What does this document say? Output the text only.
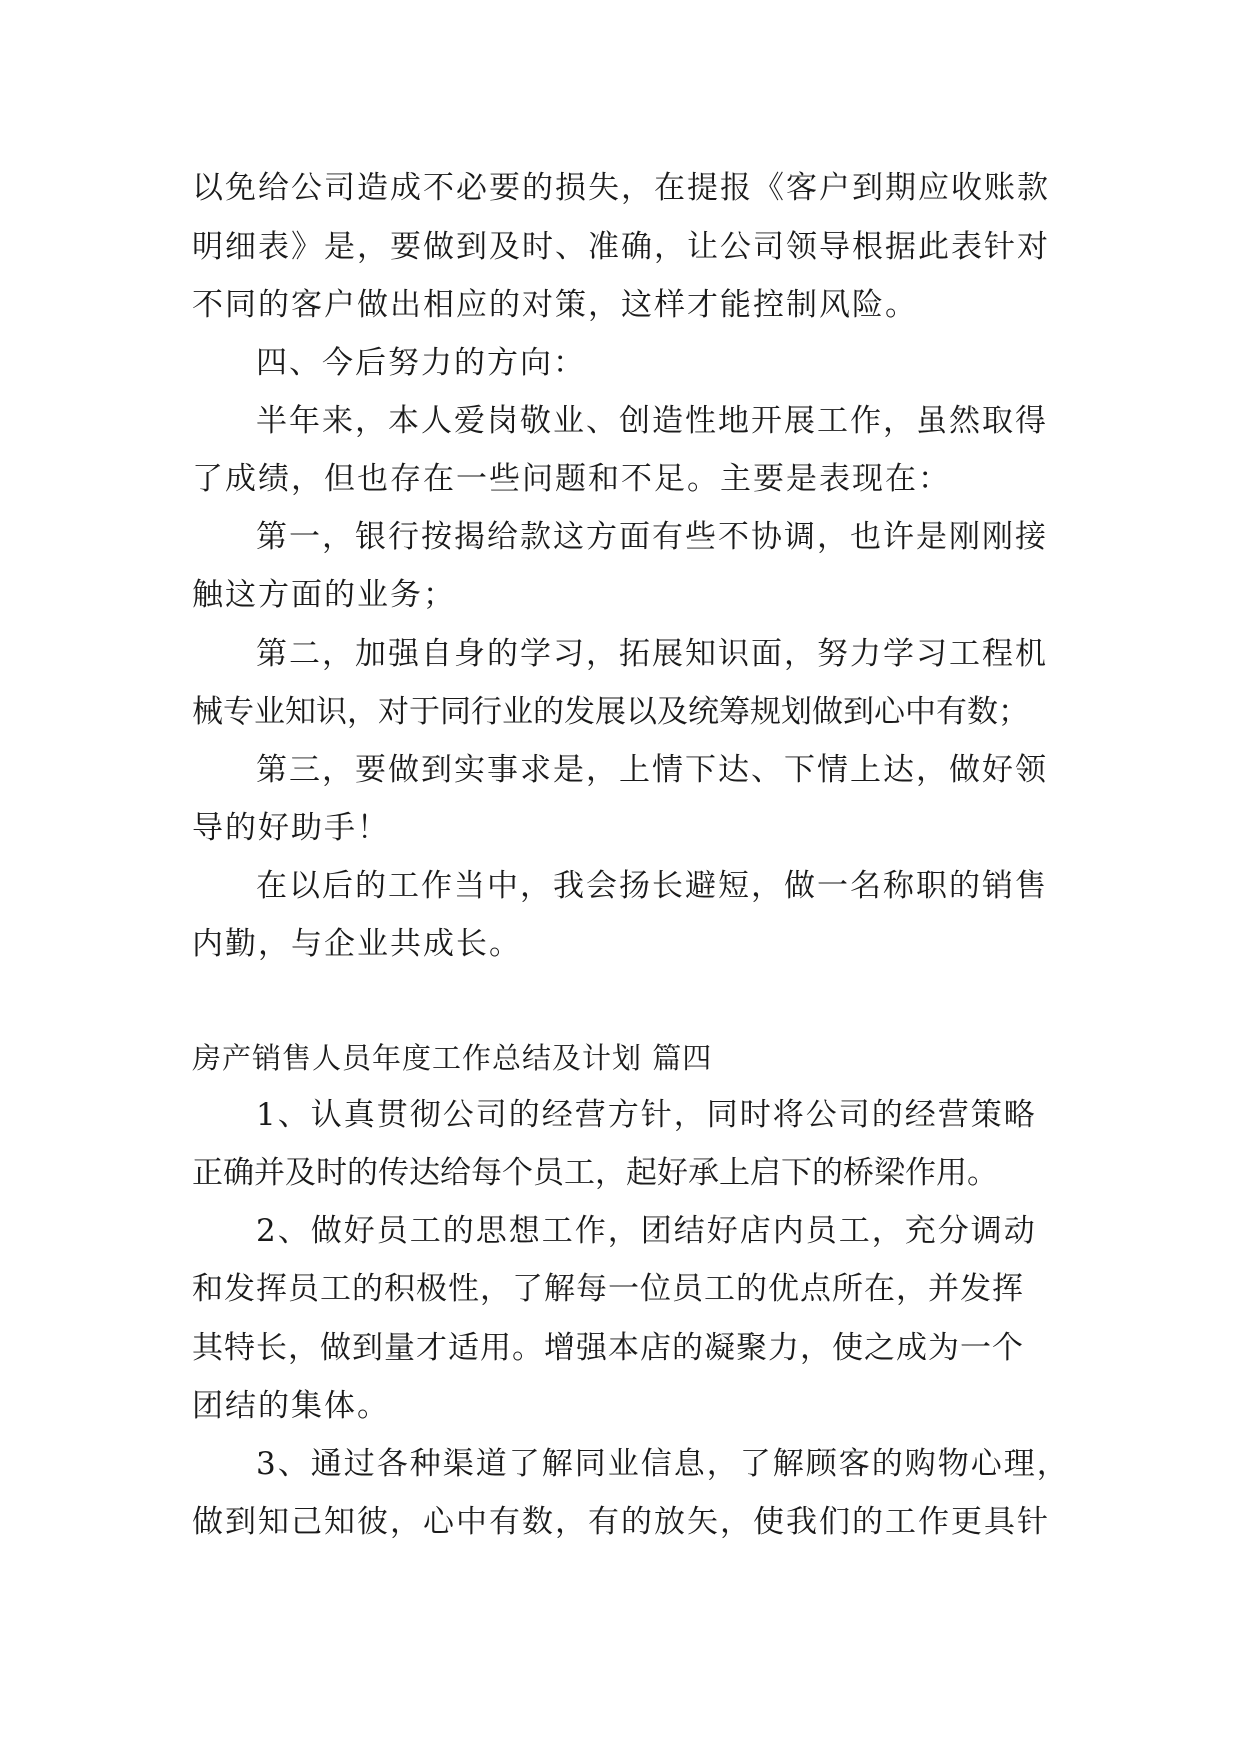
以免给公司造成不必要的损失，在提报《客户到期应收账款

明细表》是，要做到及时、准确，让公司领导根据此表针对

不同的客户做出相应的对策，这样才能控制风险。

四、今后努力的方向：

半年来，本人爱岗敬业、创造性地开展工作，虽然取得

了成绩，但也存在一些问题和不足。主要是表现在：

第一，银行按揭给款这方面有些不协调，也许是刚刚接

触这方面的业务；

第二，加强自身的学习，拓展知识面，努力学习工程机

械专业知识，对于同行业的发展以及统筹规划做到心中有数；

第三，要做到实事求是，上情下达、下情上达，做好领

导的好助手！

在以后的工作当中，我会扬长避短，做一名称职的销售

内勤，与企业共成长。

房产销售人员年度工作总结及计划 篇四

1、认真贯彻公司的经营方针，同时将公司的经营策略

正确并及时的传达给每个员工，起好承上启下的桥梁作用。

2、做好员工的思想工作，团结好店内员工，充分调动

和发挥员工的积极性，了解每一位员工的优点所在，并发挥

其特长，做到量才适用。增强本店的凝聚力，使之成为一个

团结的集体。

3、通过各种渠道了解同业信息，了解顾客的购物心理，

做到知己知彼，心中有数，有的放矢，使我们的工作更具针
